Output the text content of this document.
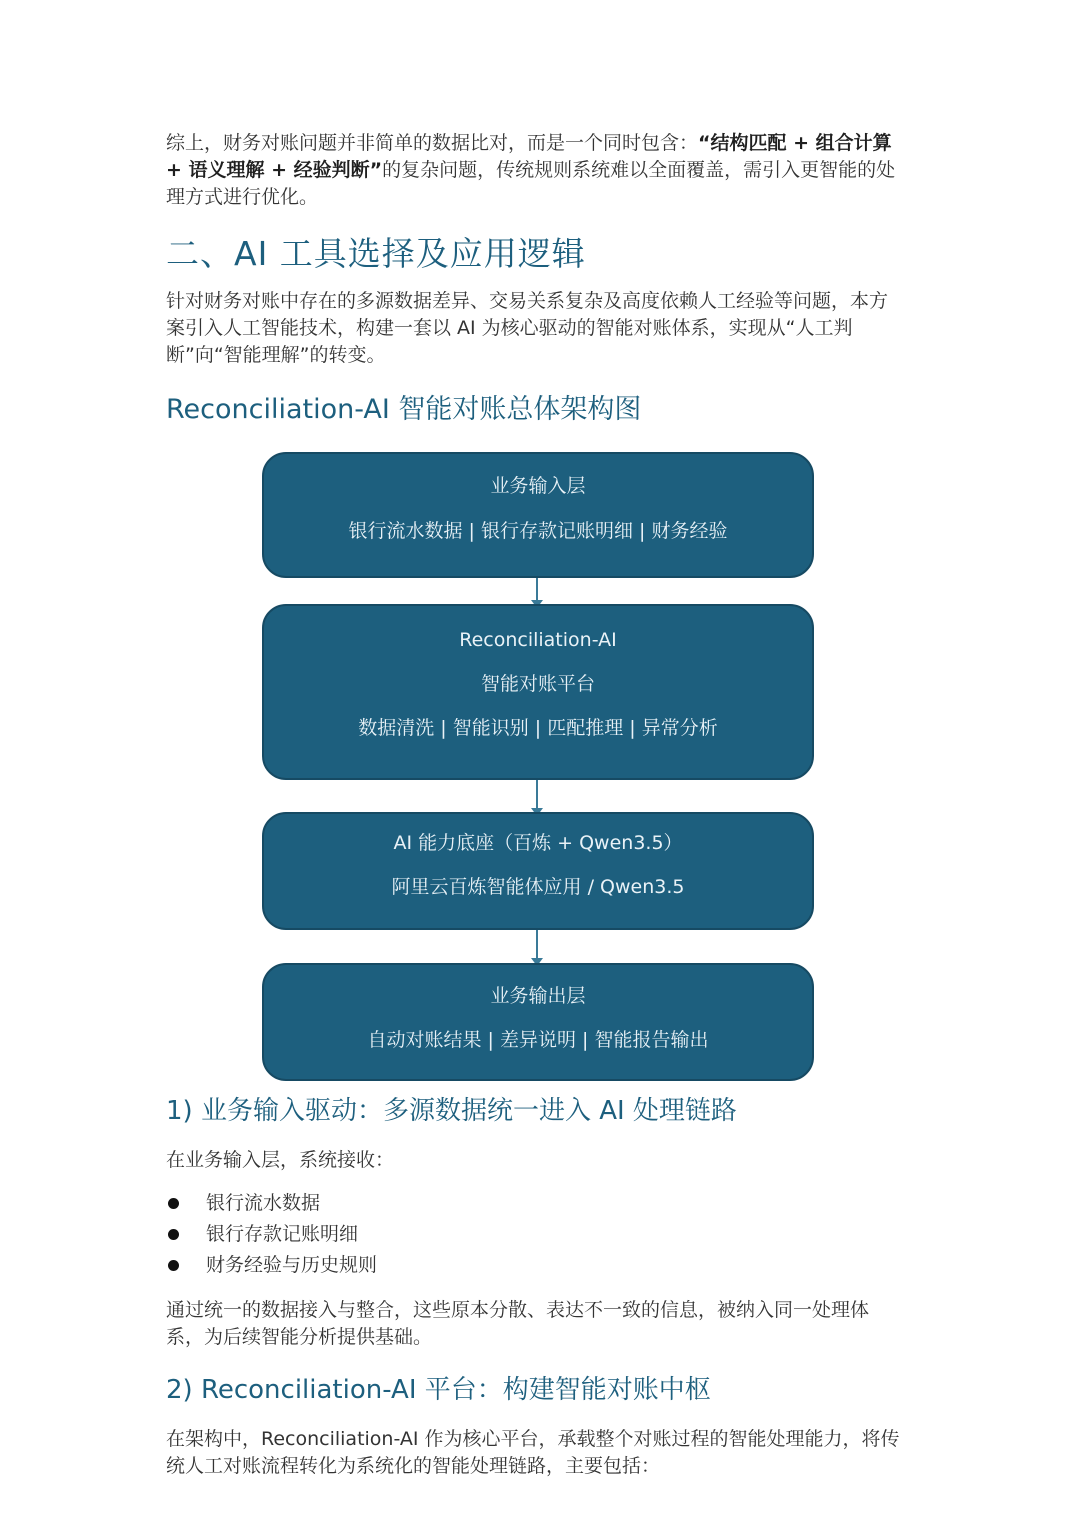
综上，财务对账问题并非简单的数据比对，而是一个同时包含：“结构匹配 + 组合计算 + 语义理解 + 经验判断”的复杂问题，传统规则系统难以全面覆盖，需引入更智能的处理方式进行优化。

二、AI 工具选择及应用逻辑

针对财务对账中存在的多源数据差异、交易关系复杂及高度依赖人工经验等问题，本方案引入人工智能技术，构建一套以 AI 为核心驱动的智能对账体系，实现从“人工判断”向“智能理解”的转变。

Reconciliation-AI 智能对账总体架构图
业务输入层
银行流水数据 | 银行存款记账明细 | 财务经验
Reconciliation-AI
智能对账平台
数据清洗 | 智能识别 | 匹配推理 | 异常分析
AI 能力底座（百炼 + Qwen3.5）
阿里云百炼智能体应用 / Qwen3.5
业务输出层
自动对账结果 | 差异说明 | 智能报告输出
1) 业务输入驱动：多源数据统一进入 AI 处理链路

在业务输入层，系统接收：

银行流水数据
银行存款记账明细
财务经验与历史规则

通过统一的数据接入与整合，这些原本分散、表达不一致的信息，被纳入同一处理体系，为后续智能分析提供基础。

2) Reconciliation-AI 平台：构建智能对账中枢

在架构中，Reconciliation-AI 作为核心平台，承载整个对账过程的智能处理能力，将传统人工对账流程转化为系统化的智能处理链路，主要包括：
